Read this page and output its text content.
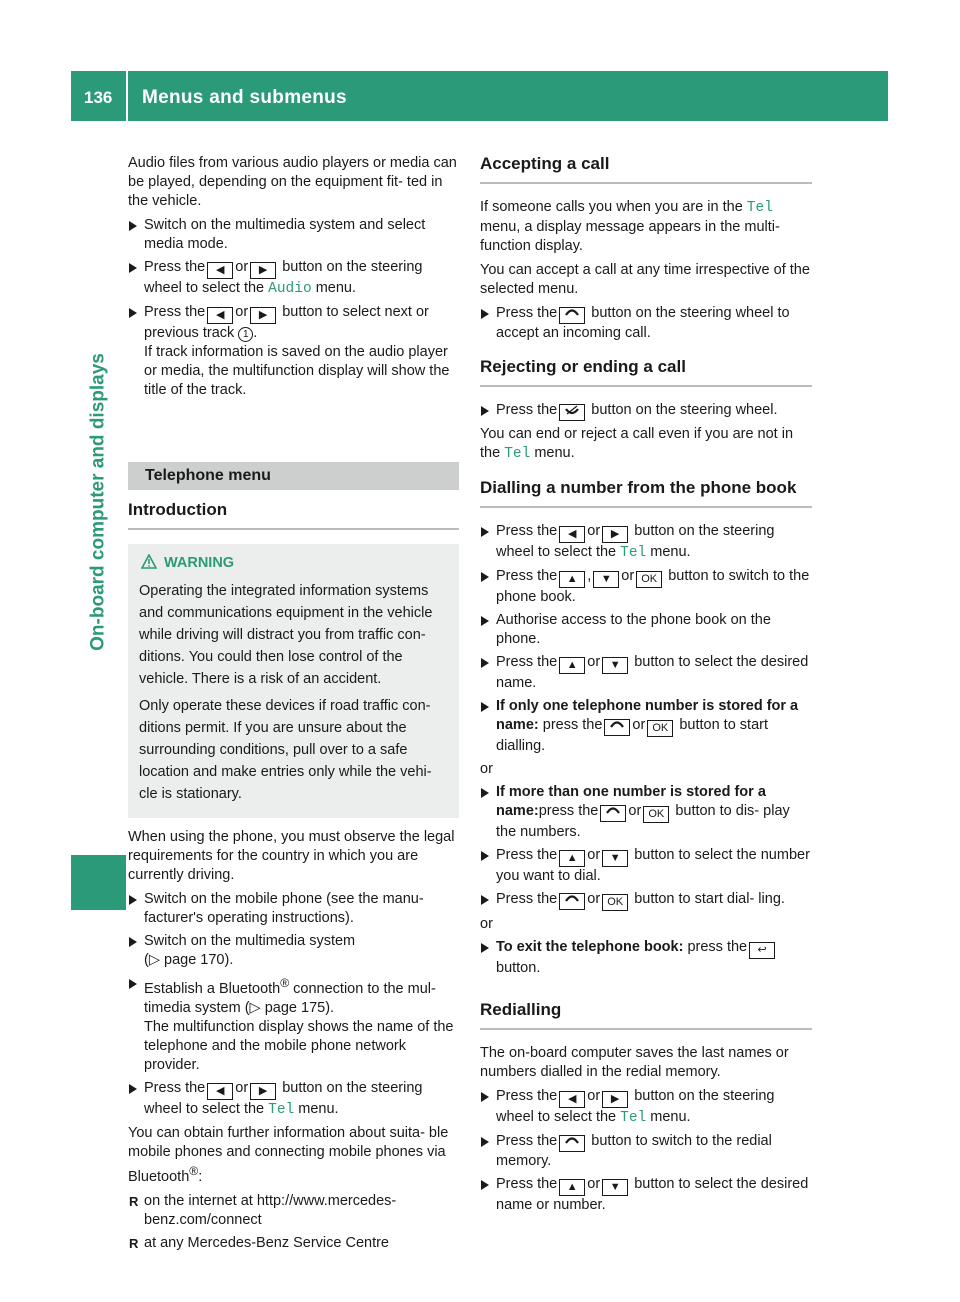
136 Menus and submenus
On-board computer and displays

Audio files from various audio players or media can be played, depending on the equipment fit- ted in the vehicle.

Switch on the multimedia system and select media mode.
Press the ◀ or ▶ button on the steering wheel to select the Audio menu.
Press the ◀ or ▶ button to select next or previous track 1 .
If track information is saved on the audio player or media, the multifunction display will show the title of the track.
Telephone menu
Introduction
WARNING

Operating the integrated information systems and communications equipment in the vehicle while driving will distract you from traffic con- ditions. You could then lose control of the vehicle. There is a risk of an accident.

Only operate these devices if road traffic con- ditions permit. If you are unsure about the surrounding conditions, pull over to a safe location and make entries only while the vehi- cle is stationary.

When using the phone, you must observe the legal requirements for the country in which you are currently driving.

Switch on the mobile phone (see the manu- facturer's operating instructions).
Switch on the multimedia system
(▷ page 170).
Establish a Bluetooth® connection to the mul- timedia system (▷ page 175).
The multifunction display shows the name of the telephone and the mobile phone network provider.
Press the ◀ or ▶ button on the steering wheel to select the Tel menu.

You can obtain further information about suita- ble mobile phones and connecting mobile phones via Bluetooth®:

R on the internet at http://www.mercedes- benz.com/connect
R at any Mercedes-Benz Service Centre
Accepting a call

If someone calls you when you are in the Tel menu, a display message appears in the multi- function display.

You can accept a call at any time irrespective of the selected menu.

Press the button on the steering wheel to accept an incoming call.
Rejecting or ending a call
Press the button on the steering wheel.

You can end or reject a call even if you are not in the Tel menu.

Dialling a number from the phone book
Press the ◀ or ▶ button on the steering wheel to select the Tel menu.
Press the ▲ , ▼ or OK button to switch to the phone book.
Authorise access to the phone book on the phone.
Press the ▲ or ▼ button to select the desired name.
If only one telephone number is stored for a name: press the or OK button to start dialling.

or

If more than one number is stored for a name:press the or OK button to dis- play the numbers.
Press the ▲ or ▼ button to select the number you want to dial.
Press the or OK button to start dial- ling.

or

To exit the telephone book: press the ↩
button.
Redialling

The on-board computer saves the last names or numbers dialled in the redial memory.

Press the ◀ or ▶ button on the steering wheel to select the Tel menu.
Press the button to switch to the redial memory.
Press the ▲ or ▼ button to select the desired name or number.
